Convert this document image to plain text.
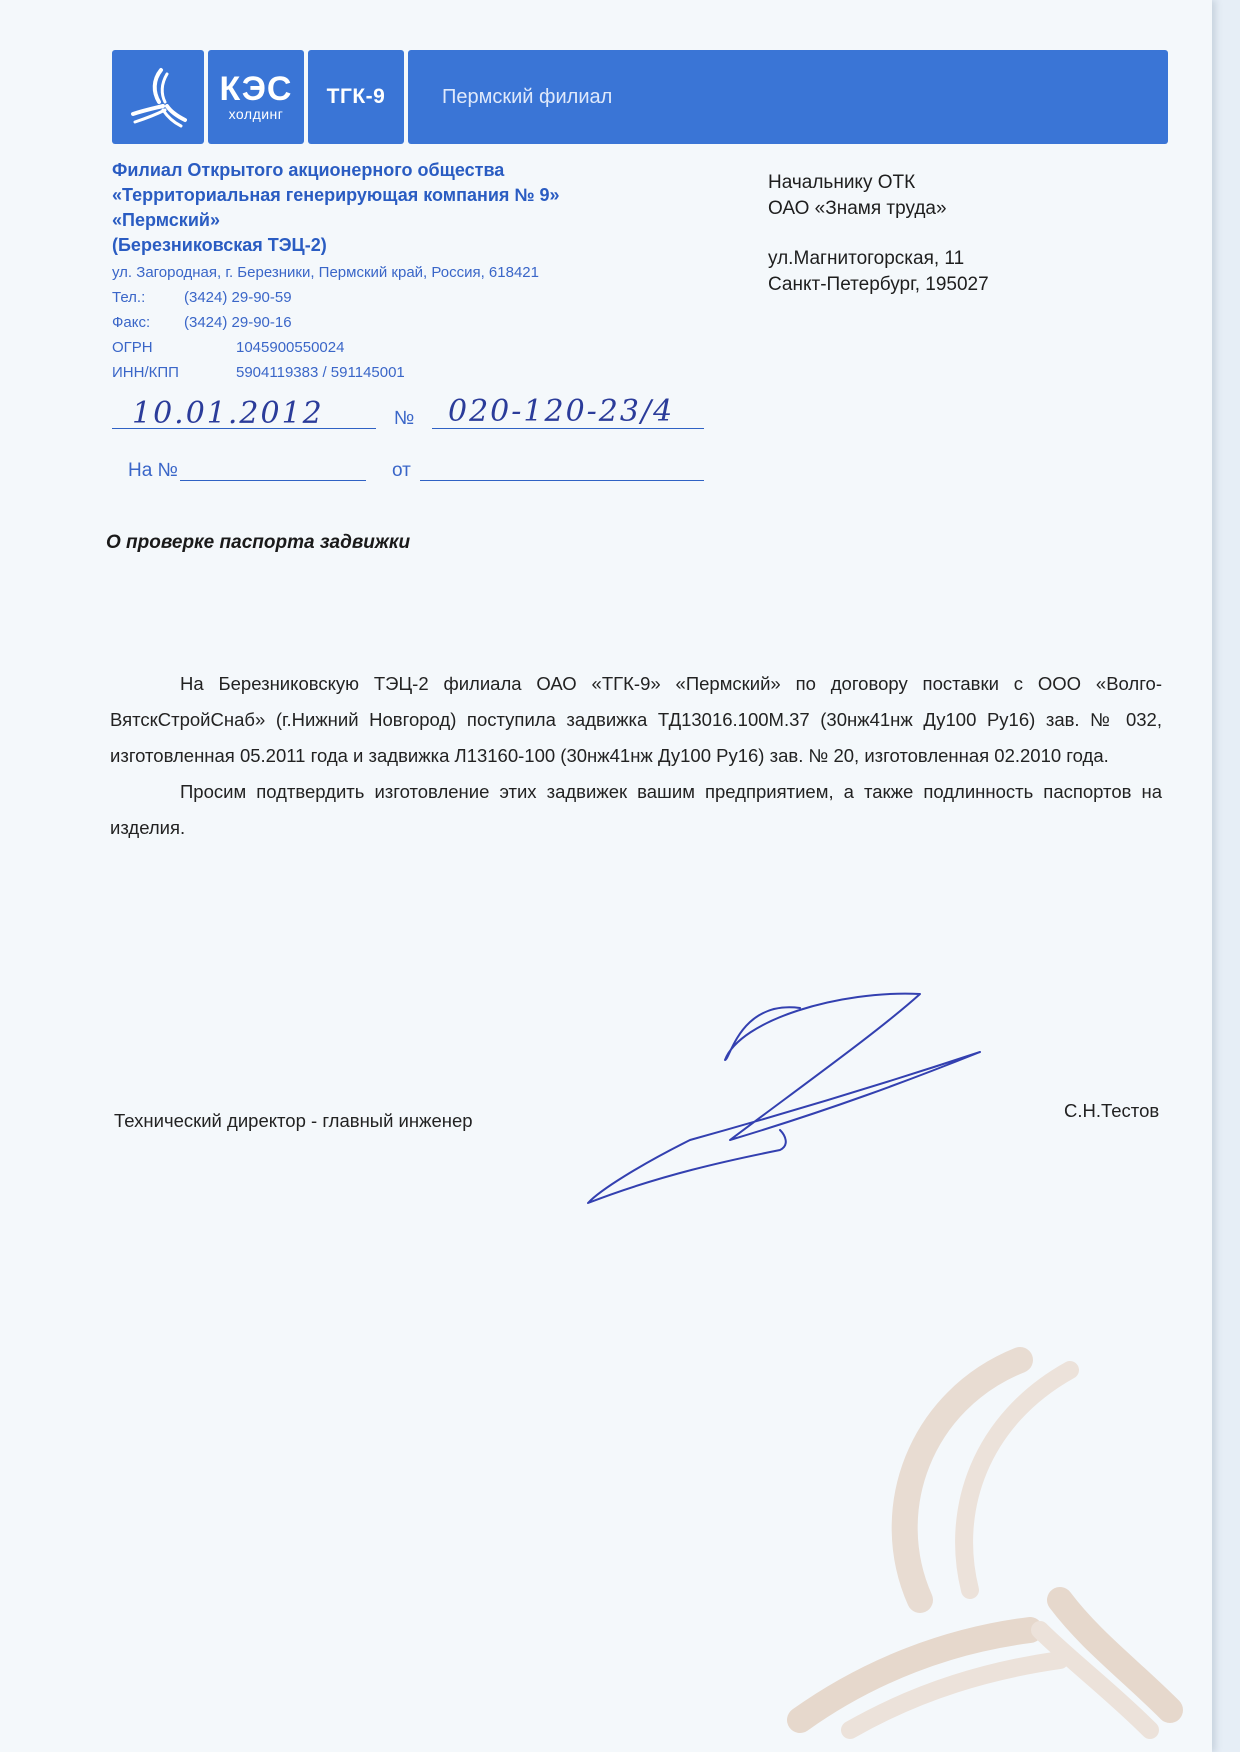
КЭС
холдинг
ТГК-9	Пермский филиал
Филиал Открытого акционерного общества
«Территориальная генерирующая компания № 9»
«Пермский»
(Березниковская ТЭЦ-2)
ул. Загородная, г. Березники, Пермский край, Россия, 618421
Тел.:	(3424) 29-90-59
Факс:	(3424) 29-90-16
ОГРН	1045900550024
ИНН/КПП	5904119383 / 591145001
Начальнику ОТК
ОАО «Знамя труда»
ул.Магнитогорская, 11
Санкт-Петербург, 195027
10.01.2012	№ 020-120-23/4
На №	от
О проверке паспорта задвижки

На Березниковскую ТЭЦ-2 филиала ОАО «ТГК-9» «Пермский» по договору поставки с ООО «Волго-ВятскСтройСнаб» (г.Нижний Новгород) поступила задвижка ТД13016.100М.37 (30нж41нж Ду100 Ру16) зав. № 032, изготовленная 05.2011 года и задвижка Л13160-100 (30нж41нж Ду100 Ру16) зав. № 20, изготовленная 02.2010 года.

Просим подтвердить изготовление этих задвижек вашим предприятием, а также подлинность паспортов на изделия.

Технический директор - главный инженер	С.Н.Тестов
